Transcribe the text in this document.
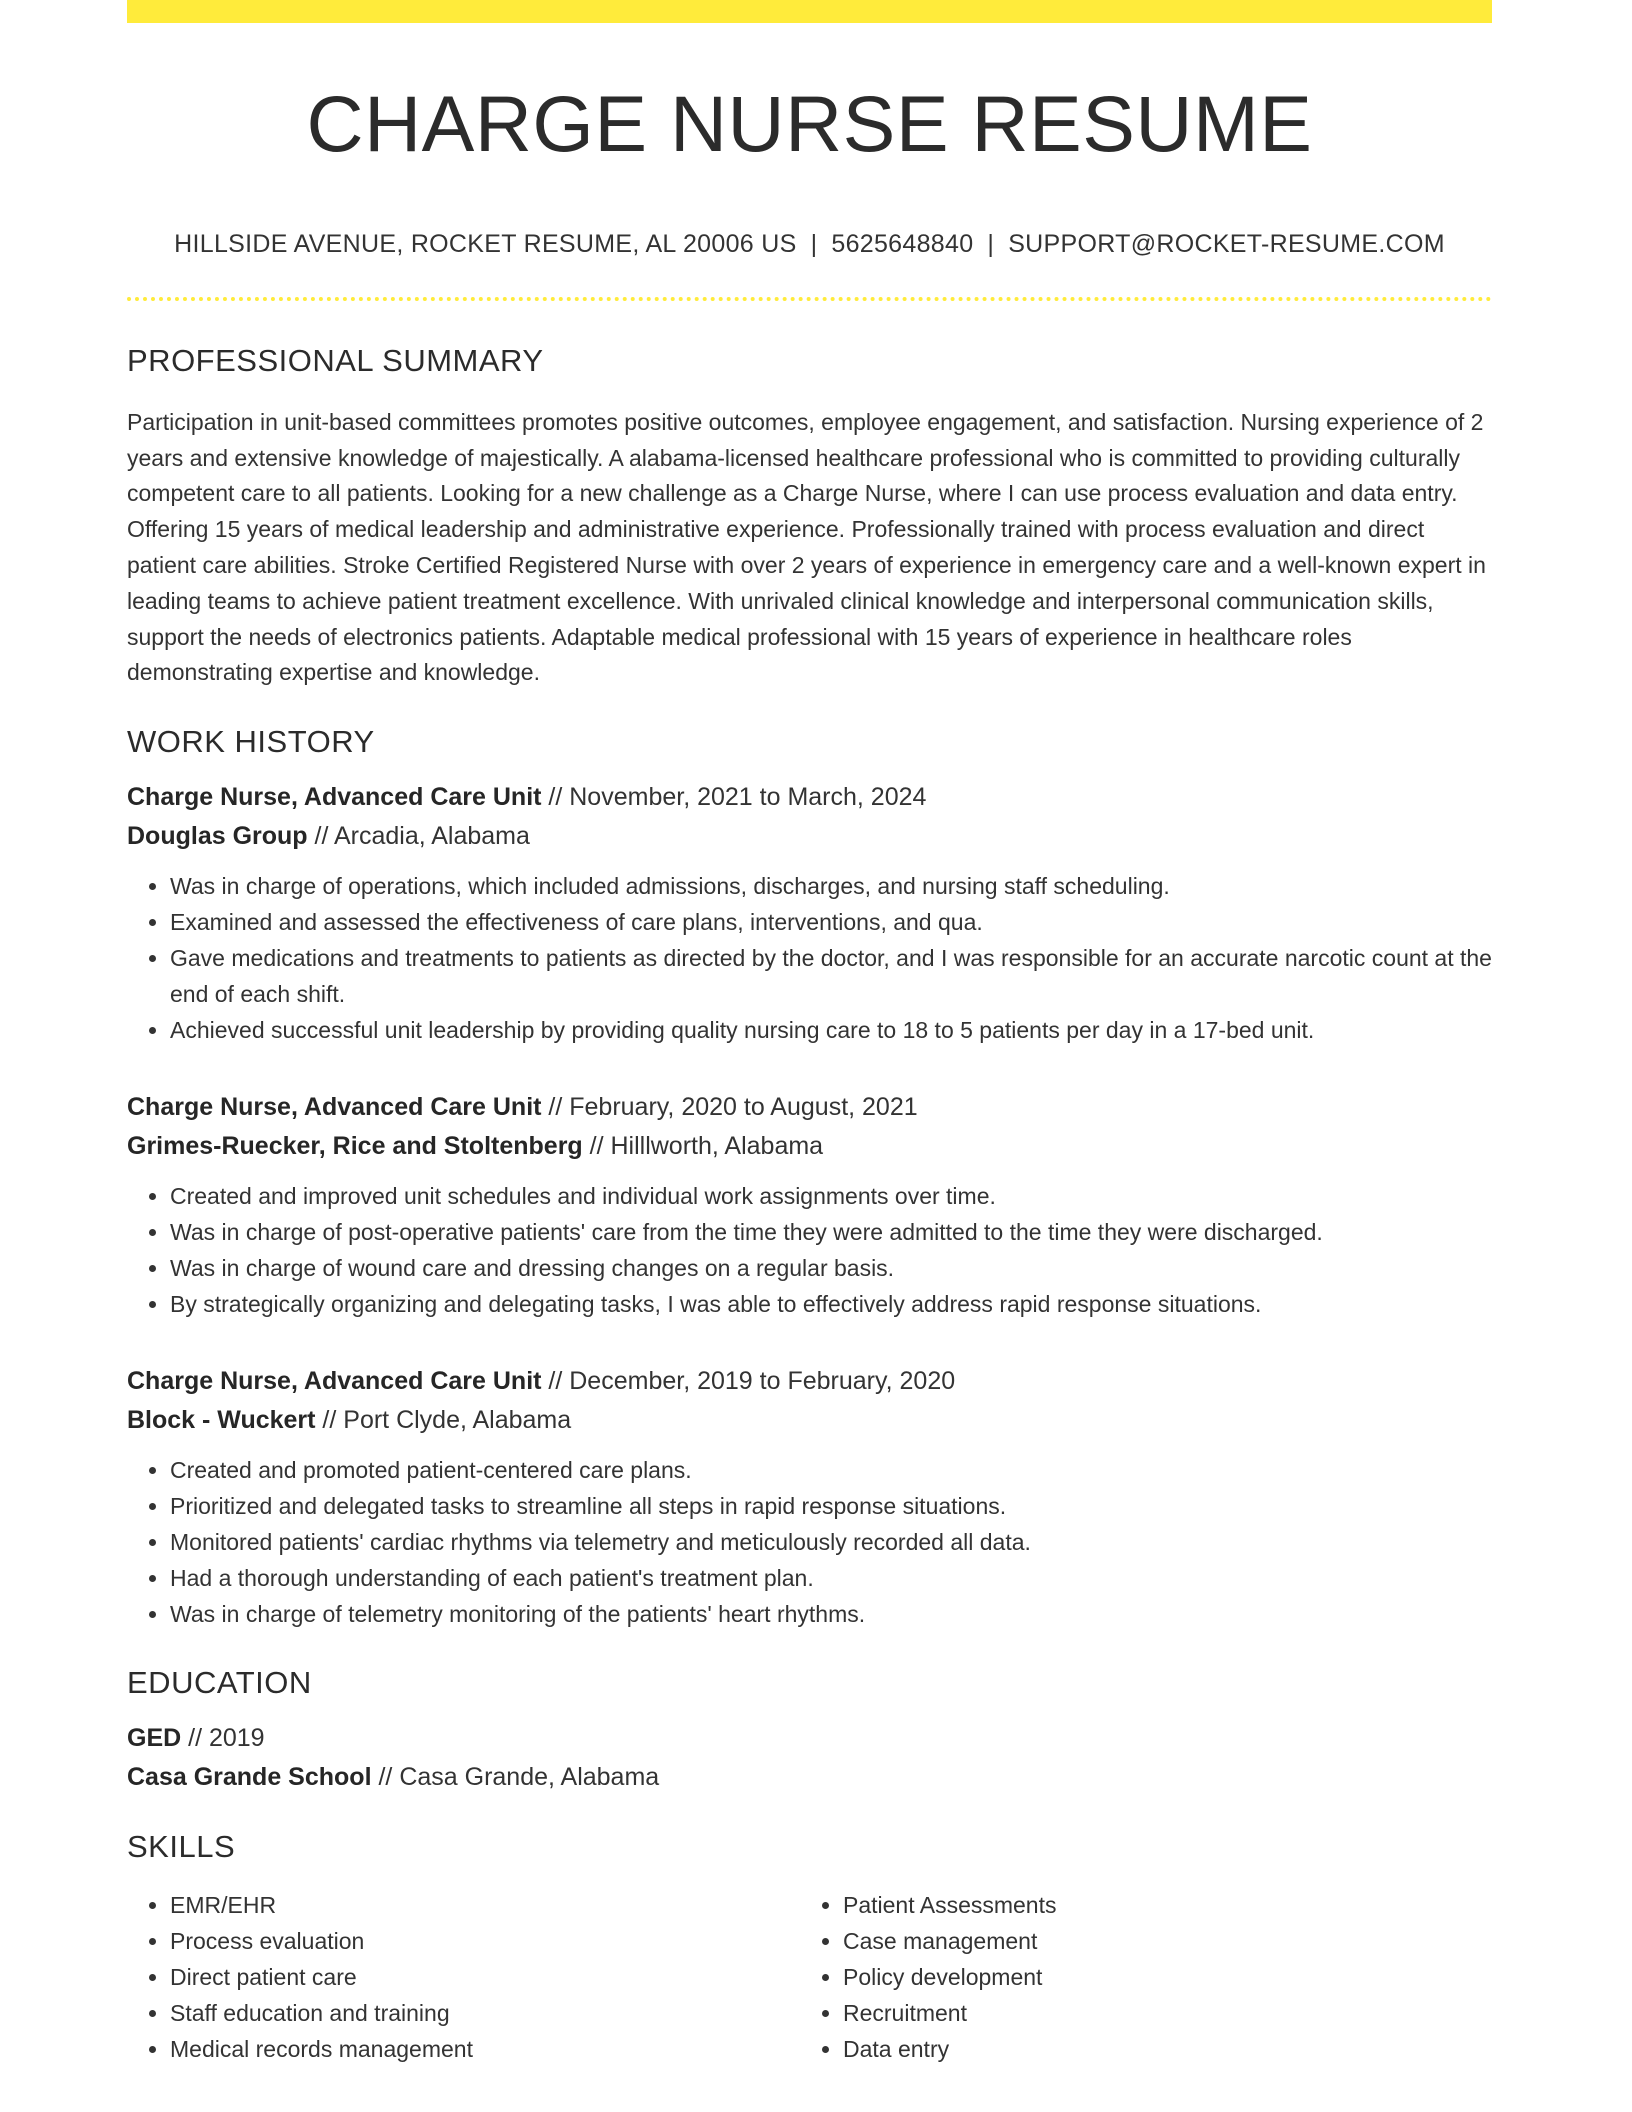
CHARGE NURSE RESUME
HILLSIDE AVENUE, ROCKET RESUME, AL 20006 US | 5625648840 | SUPPORT@ROCKET-RESUME.COM
PROFESSIONAL SUMMARY
Participation in unit-based committees promotes positive outcomes, employee engagement, and satisfaction. Nursing experience of 2 years and extensive knowledge of majestically. A alabama-licensed healthcare professional who is committed to providing culturally competent care to all patients. Looking for a new challenge as a Charge Nurse, where I can use process evaluation and data entry. Offering 15 years of medical leadership and administrative experience. Professionally trained with process evaluation and direct patient care abilities. Stroke Certified Registered Nurse with over 2 years of experience in emergency care and a well-known expert in leading teams to achieve patient treatment excellence. With unrivaled clinical knowledge and interpersonal communication skills, support the needs of electronics patients. Adaptable medical professional with 15 years of experience in healthcare roles demonstrating expertise and knowledge.
WORK HISTORY
Charge Nurse, Advanced Care Unit // November, 2021 to March, 2024
Douglas Group // Arcadia, Alabama
• Was in charge of operations, which included admissions, discharges, and nursing staff scheduling.
• Examined and assessed the effectiveness of care plans, interventions, and qua.
• Gave medications and treatments to patients as directed by the doctor, and I was responsible for an accurate narcotic count at the end of each shift.
• Achieved successful unit leadership by providing quality nursing care to 18 to 5 patients per day in a 17-bed unit.
Charge Nurse, Advanced Care Unit // February, 2020 to August, 2021
Grimes-Ruecker, Rice and Stoltenberg // Hilllworth, Alabama
• Created and improved unit schedules and individual work assignments over time.
• Was in charge of post-operative patients' care from the time they were admitted to the time they were discharged.
• Was in charge of wound care and dressing changes on a regular basis.
• By strategically organizing and delegating tasks, I was able to effectively address rapid response situations.
Charge Nurse, Advanced Care Unit // December, 2019 to February, 2020
Block - Wuckert // Port Clyde, Alabama
• Created and promoted patient-centered care plans.
• Prioritized and delegated tasks to streamline all steps in rapid response situations.
• Monitored patients' cardiac rhythms via telemetry and meticulously recorded all data.
• Had a thorough understanding of each patient's treatment plan.
• Was in charge of telemetry monitoring of the patients' heart rhythms.
EDUCATION
GED // 2019
Casa Grande School // Casa Grande, Alabama
SKILLS
• EMR/EHR
• Process evaluation
• Direct patient care
• Staff education and training
• Medical records management
• Patient Assessments
• Case management
• Policy development
• Recruitment
• Data entry
